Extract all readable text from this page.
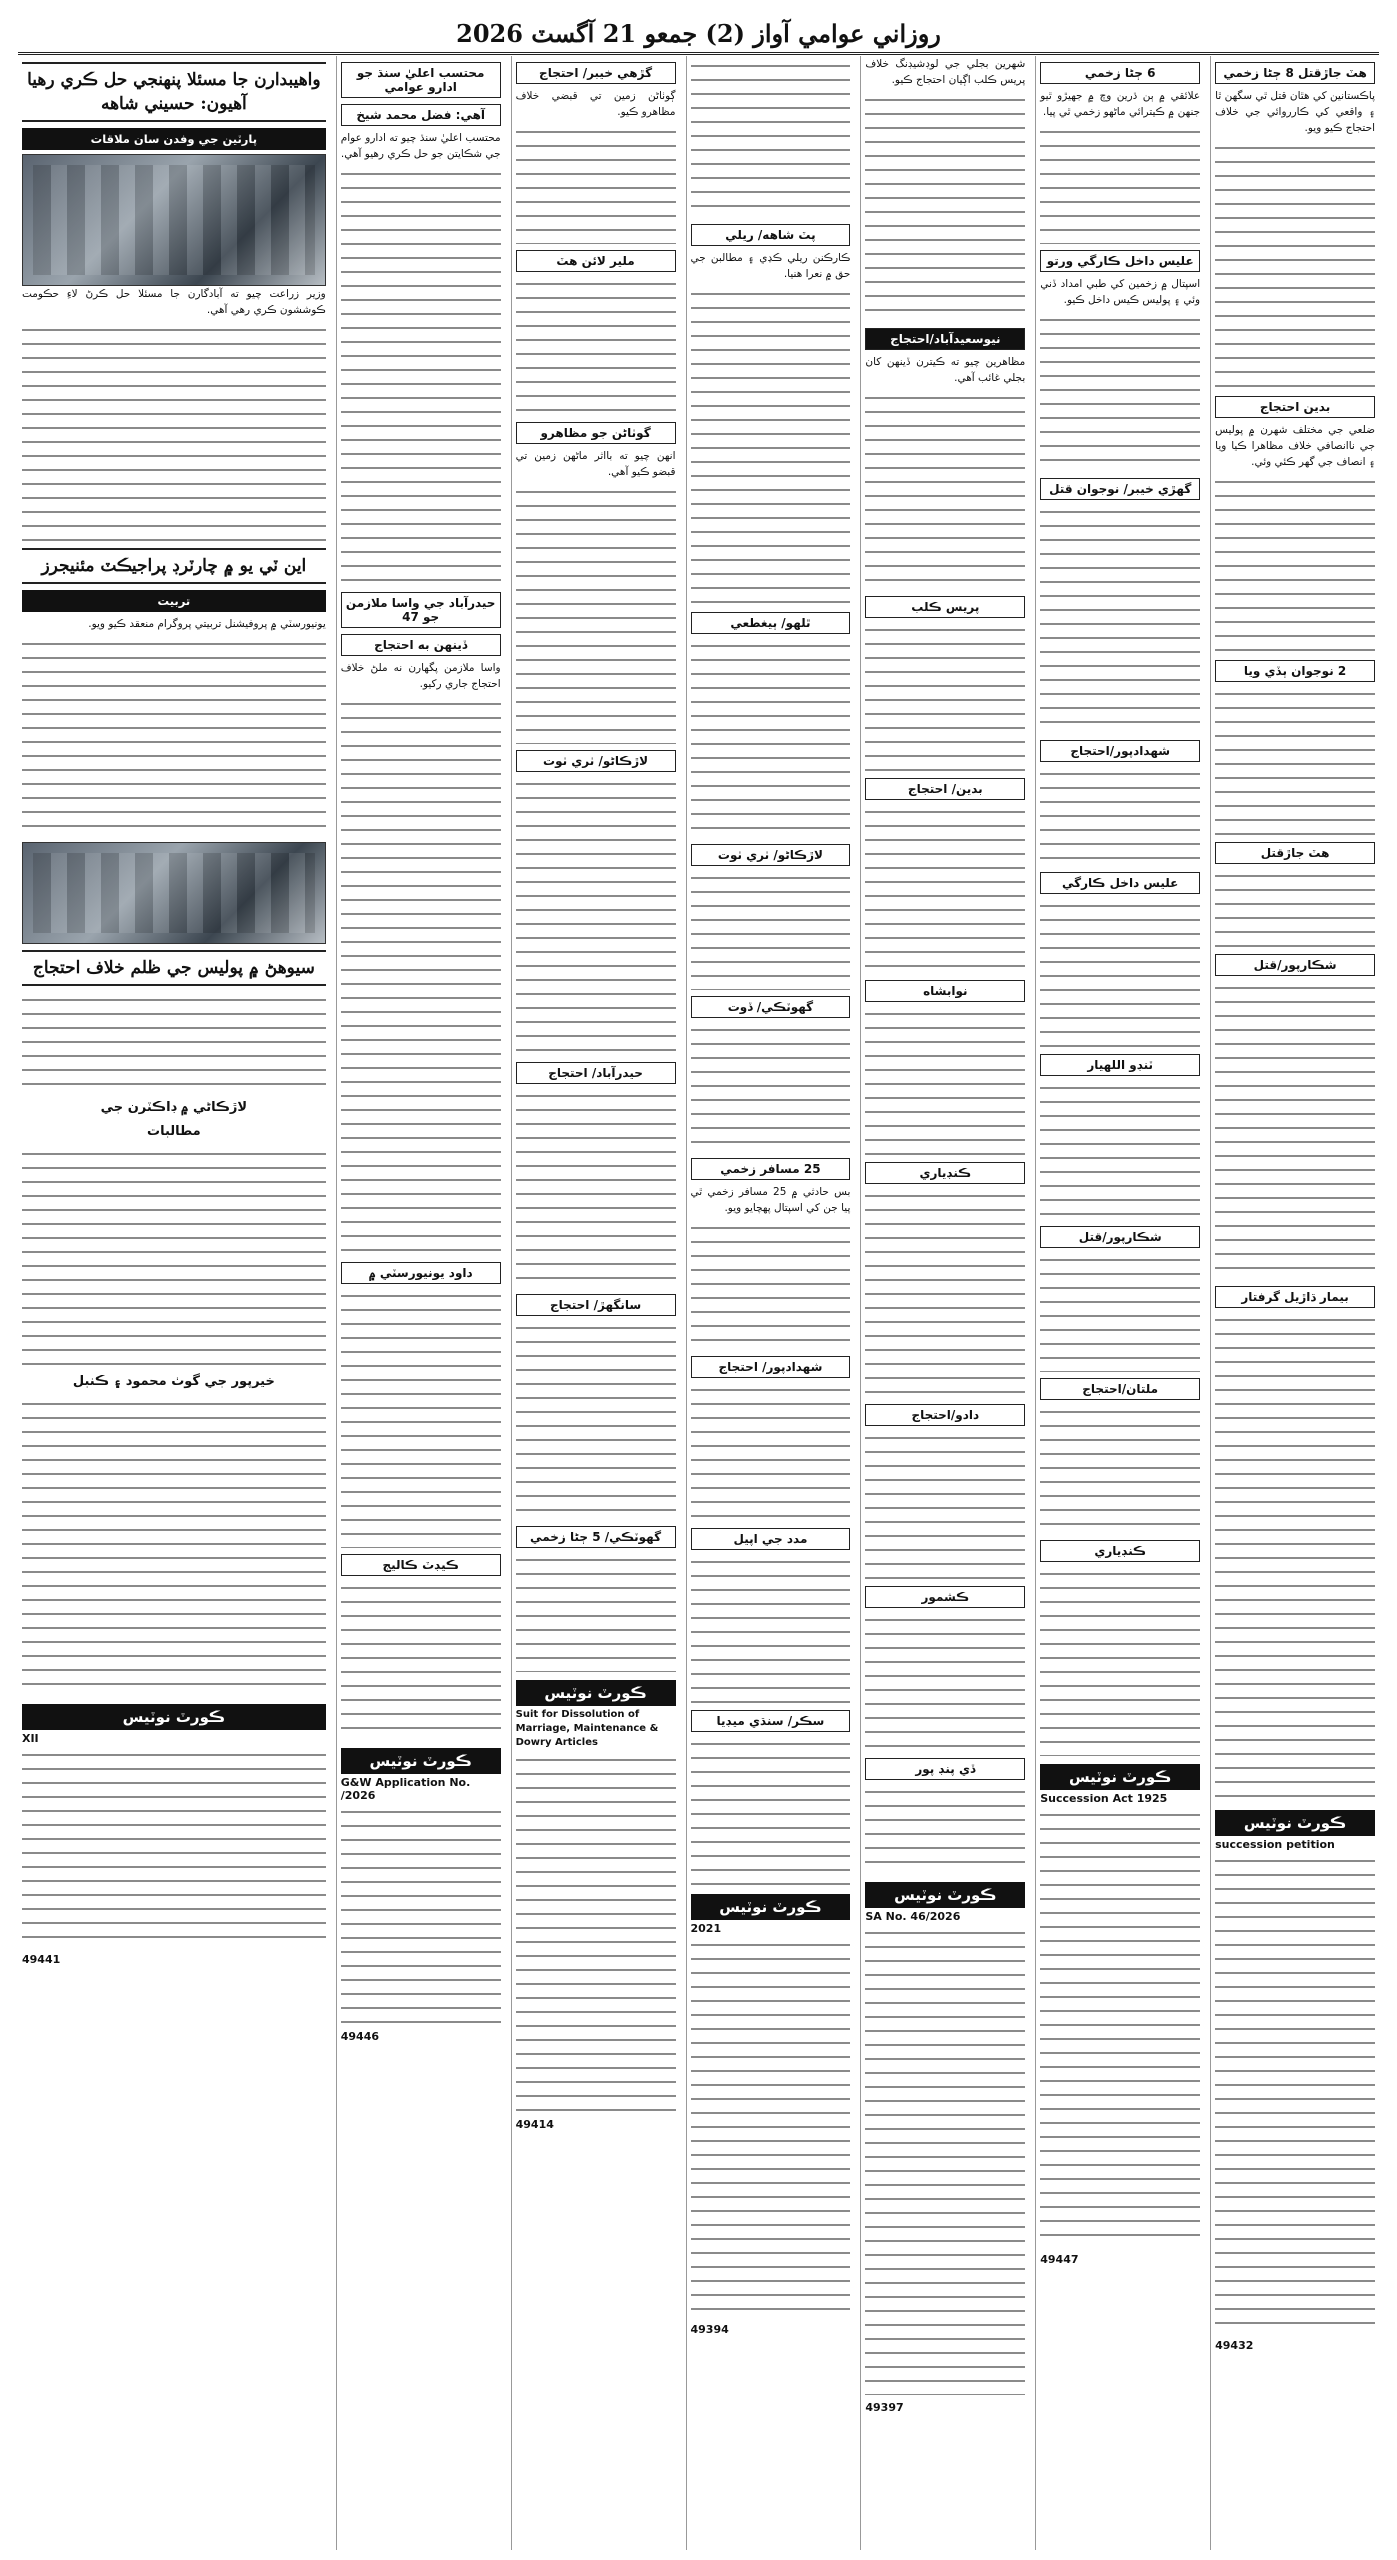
روزاني عوامي آواز (2) جمعو 21 آگسٽ 2026
هٽ جاڙقتل 8 ڄڻا زخمي

پاڪستانين کي هٿان قتل ٿي سگهن ٿا ۽ واقعي کي ڪارروائي جي خلاف احتجاج ڪيو ويو.

بدين احتجاج

ضلعي جي مختلف شهرن ۾ پوليس جي ناانصافي خلاف مظاهرا ڪيا ويا ۽ انصاف جي گهر ڪئي وئي.

2 نوجوان ٻڏي ويا
هٽ جاڙقتل
شڪارپور/قتل
بيمار ڌاڙيل گرفتار
ڪورٽ نوٽيس
succession petition
49432
6 ڄڻا زخمي

علائقي ۾ ٻن ڌرين وچ ۾ جهيڙو ٿيو جنهن ۾ ڪيترائي ماڻهو زخمي ٿي پيا.

عليس داخل ڪارگي ورتو

اسپتال ۾ زخمين کي طبي امداد ڏني وئي ۽ پوليس ڪيس داخل ڪيو.

گهڙي خيبر/ نوجوان قتل
شهدادپور/احتجاج
عليس داخل ڪارگي
ٽنڊو اللهيار
شڪارپور/قتل
ملتان/احتجاج
ڪنڊياري
ڪورٽ نوٽيس
Succession Act 1925
49447

شهرين بجلي جي لوڊشيڊنگ خلاف پريس ڪلب اڳيان احتجاج ڪيو.

نيوسعيدآباد/احتجاج

مظاهرين چيو ته ڪيترن ڏينهن کان بجلي غائب آهي.

پريس ڪلب
بدين/ احتجاج
نوابشاه
ڪنڊياري
دادو/احتجاج
ڪشمور
ڏي پنڊ پور
ڪورٽ نوٽيس
SA No. 46/2026
49397
پٽ شاهه/ ريلي

ڪارڪنن ريلي ڪڍي ۽ مطالبن جي حق ۾ نعرا هنيا.

ٿلهو/ ٻيغطعي
لاڙڪاڻو/ ٺري ٺوت
گهوٽڪي/ ڏوت
25 مسافر زخمي

بس حادثي ۾ 25 مسافر زخمي ٿي پيا جن کي اسپتال پهچايو ويو.

شهدادپور/ احتجاج
مدد جي اپيل
سڪر/ سنڌي ميڊيا
ڪورٽ نوٽيس
2021
49394
گڙهي خيبر/ احتجاج

ڳوٺاڻن زمين تي قبضي خلاف مظاهرو ڪيو.

ملير لائن هٽ
گوٺاڻن جو مظاهرو

انهن چيو ته بااثر ماڻهن زمين تي قبضو ڪيو آهي.

لاڙڪاڻو/ ٺري ٺوت
حيدرآباد/ احتجاج
سانگهڙ/ احتجاج
گهوٽڪي/ 5 ڄڻا زخمي
ڪورٽ نوٽيس
Suit for Dissolution of Marriage, Maintenance & Dowry Articles
49414
محتسب اعليٰ سنڌ جو ادارو عوامي
آهي: فضل محمد شيخ

محتسب اعليٰ سنڌ چيو ته ادارو عوام جي شڪايتن جو حل ڪري رهيو آهي.

حيدرآباد جي واسا ملازمن جو 47
ڏينهن به احتجاج

واسا ملازمن پگهارن نه ملڻ خلاف احتجاج جاري رکيو.

داود يونيورسٽي ۾
ڪيڊٽ ڪاليج
ڪورٽ نوٽيس
G&W Application No. /2026
49446
واهيبدارن جا مسئلا پنهنجي حل ڪري رهيا آهيون: حسيني شاهه
پارٽين جي وفدن سان ملاقات

وزير زراعت چيو ته آبادگارن جا مسئلا حل ڪرڻ لاءِ حڪومت ڪوششون ڪري رهي آهي.

اين ٽي يو ۾ چارٽرڊ پراجيڪٽ مئنيجرز
تربيت

يونيورسٽي ۾ پروفيشنل تربيتي پروگرام منعقد ڪيو ويو.

سيوهڻ ۾ پوليس جي ظلم خلاف احتجاج
لاڙڪاڻي ۾ ڊاڪٽرن جي
مطالبات
خيرپور جي گوٺ محمود ۽ ڪنبل
ڪورٽ نوٽيس
XII
49441
